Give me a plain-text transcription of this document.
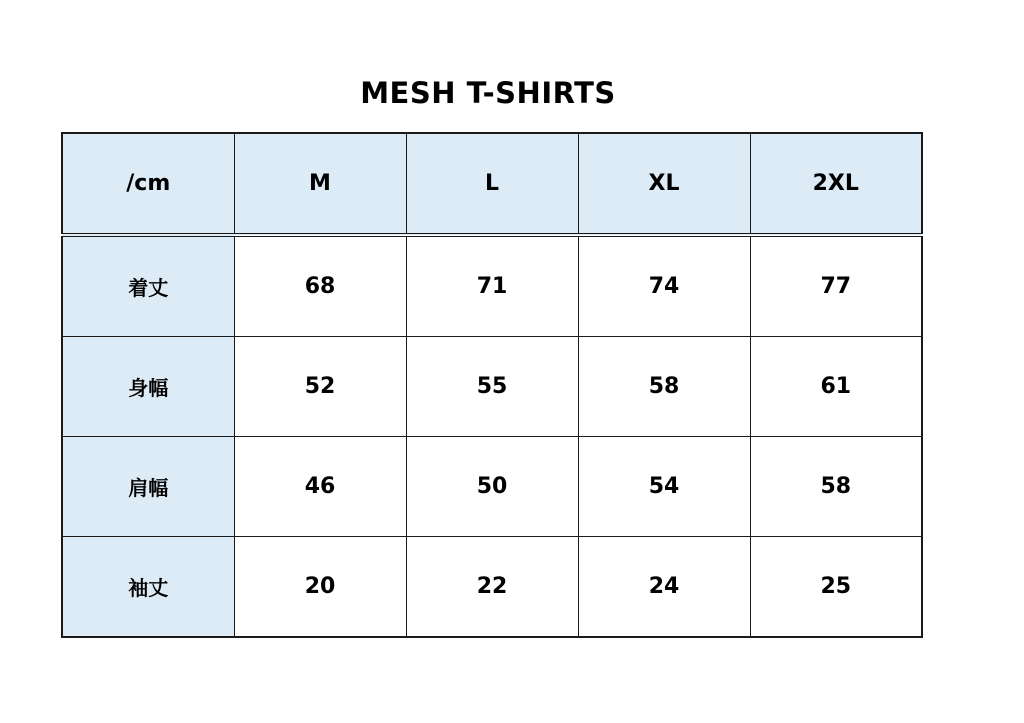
MESH T-SHIRTS
/cm	M	L	XL	2XL
着丈	68	71	74	77
身幅	52	55	58	61
肩幅	46	50	54	58
袖丈	20	22	24	25
